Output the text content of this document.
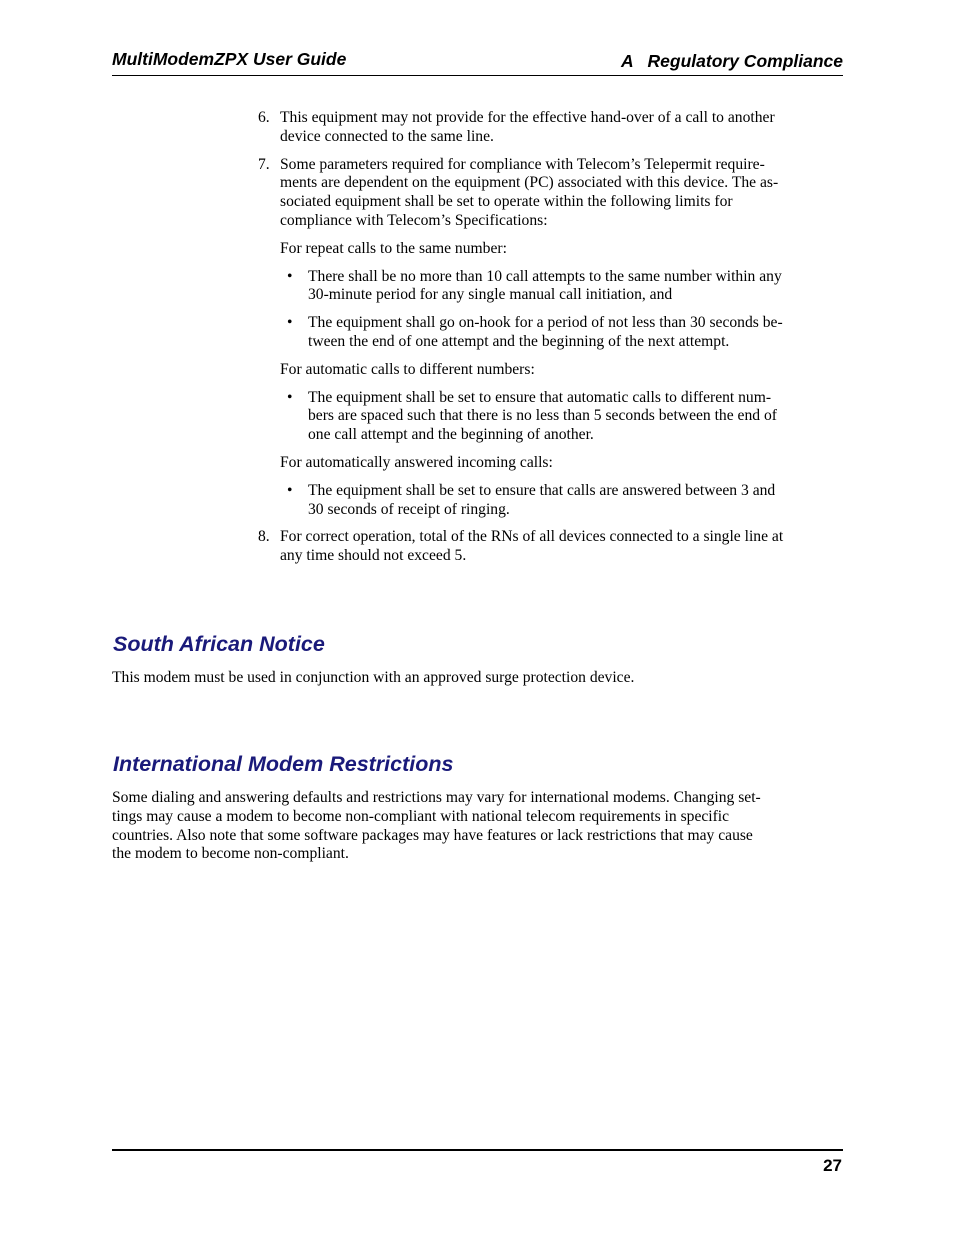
MultiModemZPX User Guide	A   Regulatory Compliance
6. This equipment may not provide for the effective hand-over of a call to another
device connected to the same line.
7. Some parameters required for compliance with Telecom’s Telepermit require-
ments are dependent on the equipment (PC) associated with this device. The as-
sociated equipment shall be set to operate within the following limits for
compliance with Telecom’s Specifications:
For repeat calls to the same number:
• There shall be no more than 10 call attempts to the same number within any
30-minute period for any single manual call initiation, and
• The equipment shall go on-hook for a period of not less than 30 seconds be-
tween the end of one attempt and the beginning of the next attempt.
For automatic calls to different numbers:
• The equipment shall be set to ensure that automatic calls to different num-
bers are spaced such that there is no less than 5 seconds between the end of
one call attempt and the beginning of another.
For automatically answered incoming calls:
• The equipment shall be set to ensure that calls are answered between 3 and
30 seconds of receipt of ringing.
8. For correct operation, total of the RNs of all devices connected to a single line at
any time should not exceed 5.
South African Notice
This modem must be used in conjunction with an approved surge protection device.
International Modem Restrictions
Some dialing and answering defaults and restrictions may vary for international modems. Changing set-
tings may cause a modem to become non-compliant with national telecom requirements in specific
countries. Also note that some software packages may have features or lack restrictions that may cause
the modem to become non-compliant.
27
